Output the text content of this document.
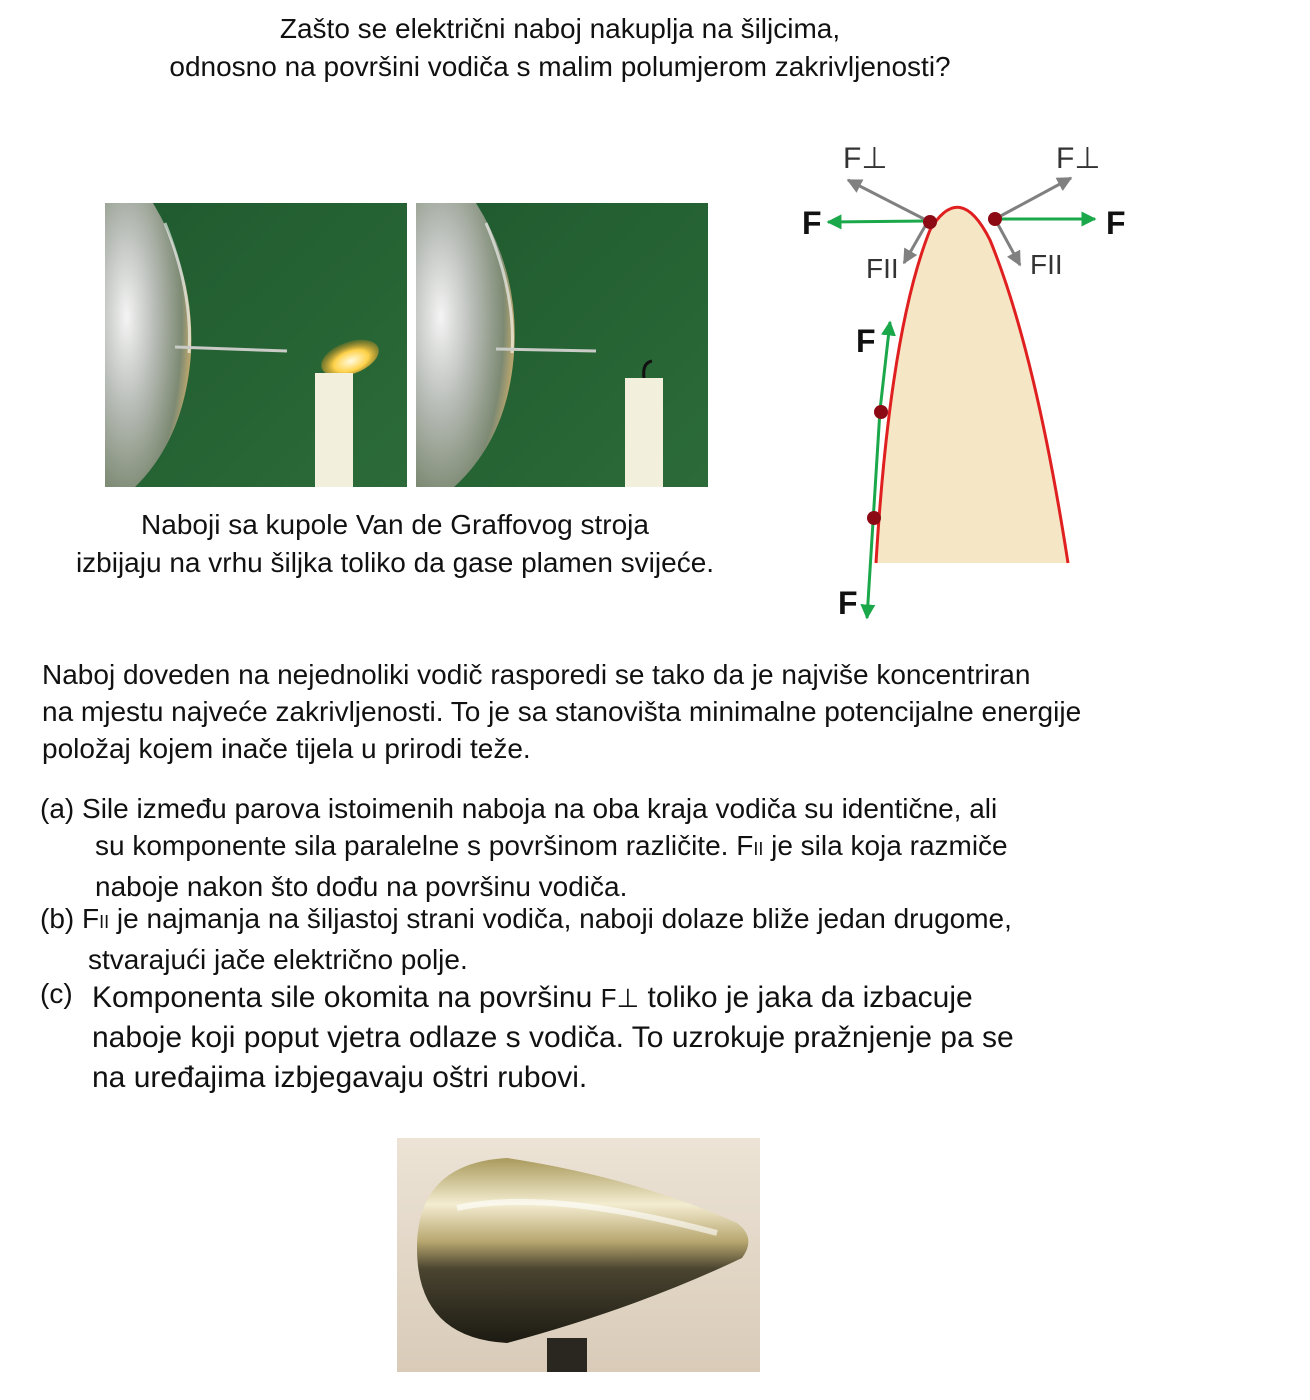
Zašto se električni naboj nakuplja na šiljcima,
odnosno na površini vodiča s malim polumjerom zakrivljenosti?
Naboji sa kupole Van de Graffovog stroja
izbijaju na vrhu šiljka toliko da gase plamen svijeće.
F⊥	F⊥
F	F
FII	FII
F
F
Naboj doveden na nejednoliki vodič rasporedi se tako da je najviše koncentriran
na mjestu najveće zakrivljenosti. To je sa stanovišta minimalne potencijalne energije
položaj kojem inače tijela u prirodi teže.
(a) Sile između parova istoimenih naboja na oba kraja vodiča su identične, ali
su komponente sila paralelne s površinom različite. FII je sila koja razmiče
naboje nakon što dođu na površinu vodiča.
(b) FII je najmanja na šiljastoj strani vodiča, naboji dolaze bliže jedan drugome,
stvarajući jače električno polje.
(c) Komponenta sile okomita na površinu F⊥ toliko je jaka da izbacuje
naboje koji poput vjetra odlaze s vodiča. To uzrokuje pražnjenje pa se
na uređajima izbjegavaju oštri rubovi.
